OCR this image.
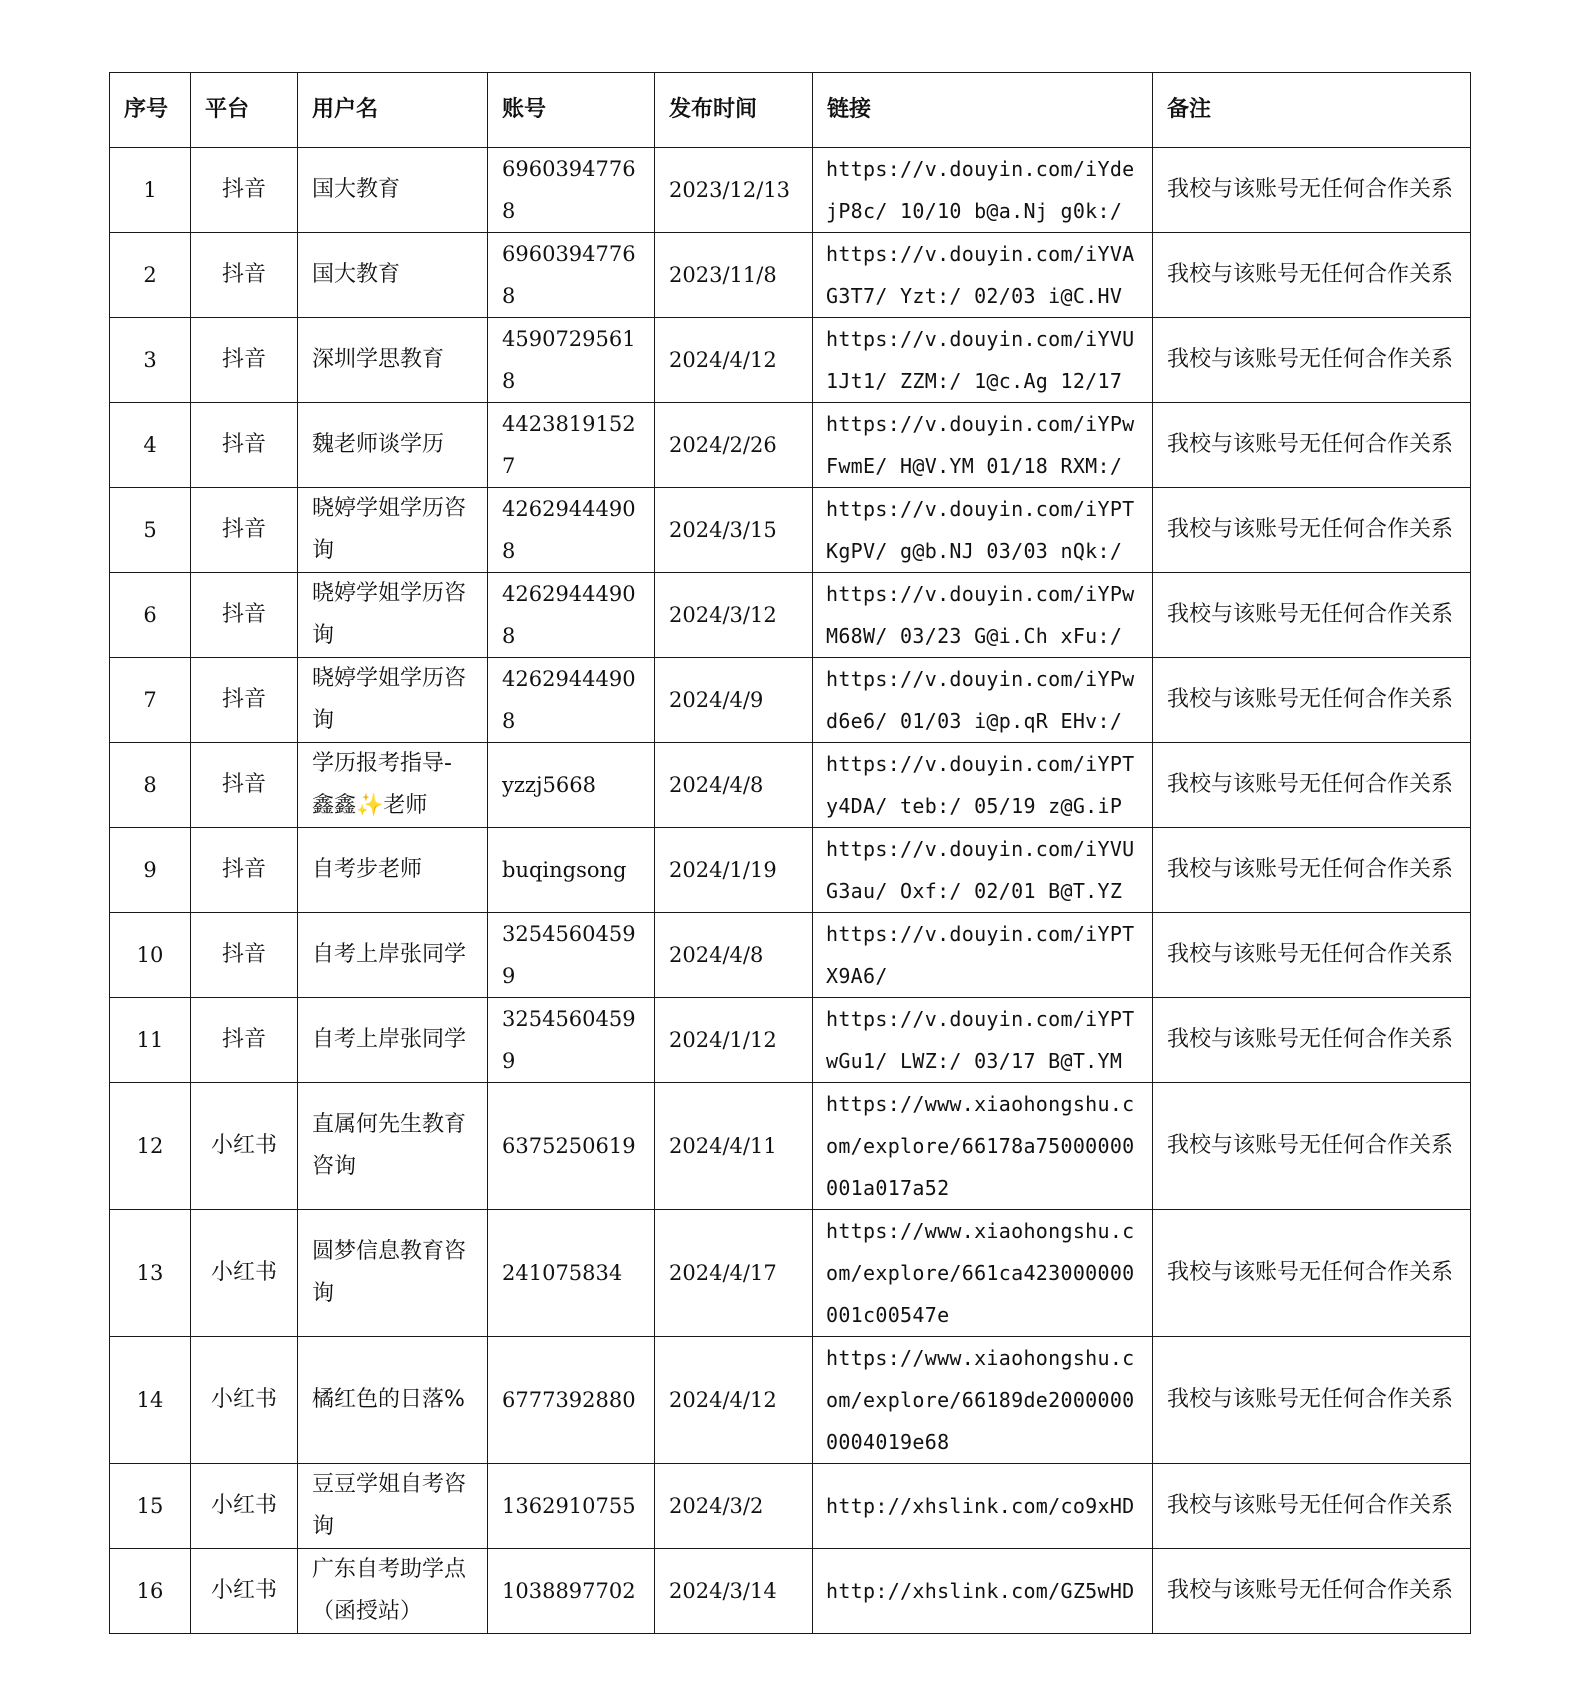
序号	平台	用户名	账号	发布时间	链接	备注
1	抖音	国大教育	69603947768	2023/12/13	https://v.douyin.com/iYdejP8c/ 10/10 b@a.Nj g0k:/	我校与该账号无任何合作关系
2	抖音	国大教育	69603947768	2023/11/8	https://v.douyin.com/iYVAG3T7/ Yzt:/ 02/03 i@C.HV	我校与该账号无任何合作关系
3	抖音	深圳学思教育	45907295618	2024/4/12	https://v.douyin.com/iYVU1Jt1/ ZZM:/ 1@c.Ag 12/17	我校与该账号无任何合作关系
4	抖音	魏老师谈学历	44238191527	2024/2/26	https://v.douyin.com/iYPwFwmE/ H@V.YM 01/18 RXM:/	我校与该账号无任何合作关系
5	抖音	晓婷学姐学历咨询	42629444908	2024/3/15	https://v.douyin.com/iYPTKgPV/ g@b.NJ 03/03 nQk:/	我校与该账号无任何合作关系
6	抖音	晓婷学姐学历咨询	42629444908	2024/3/12	https://v.douyin.com/iYPwM68W/ 03/23 G@i.Ch xFu:/	我校与该账号无任何合作关系
7	抖音	晓婷学姐学历咨询	42629444908	2024/4/9	https://v.douyin.com/iYPwd6e6/ 01/03 i@p.qR EHv:/	我校与该账号无任何合作关系
8	抖音	学历报考指导-鑫鑫✨老师	yzzj5668	2024/4/8	https://v.douyin.com/iYPTy4DA/ teb:/ 05/19 z@G.iP	我校与该账号无任何合作关系
9	抖音	自考步老师	buqingsong	2024/1/19	https://v.douyin.com/iYVUG3au/ Oxf:/ 02/01 B@T.YZ	我校与该账号无任何合作关系
10	抖音	自考上岸张同学	32545604599	2024/4/8	https://v.douyin.com/iYPTX9A6/	我校与该账号无任何合作关系
11	抖音	自考上岸张同学	32545604599	2024/1/12	https://v.douyin.com/iYPTwGu1/ LWZ:/ 03/17 B@T.YM	我校与该账号无任何合作关系
12	小红书	直属何先生教育咨询	6375250619	2024/4/11	https://www.xiaohongshu.com/explore/66178a75000000001a017a52	我校与该账号无任何合作关系
13	小红书	圆梦信息教育咨询	241075834	2024/4/17	https://www.xiaohongshu.com/explore/661ca423000000001c00547e	我校与该账号无任何合作关系
14	小红书	橘红色的日落%	6777392880	2024/4/12	https://www.xiaohongshu.com/explore/66189de20000000004019e68	我校与该账号无任何合作关系
15	小红书	豆豆学姐自考咨询	1362910755	2024/3/2	http://xhslink.com/co9xHD	我校与该账号无任何合作关系
16	小红书	广东自考助学点（函授站）	1038897702	2024/3/14	http://xhslink.com/GZ5wHD	我校与该账号无任何合作关系
